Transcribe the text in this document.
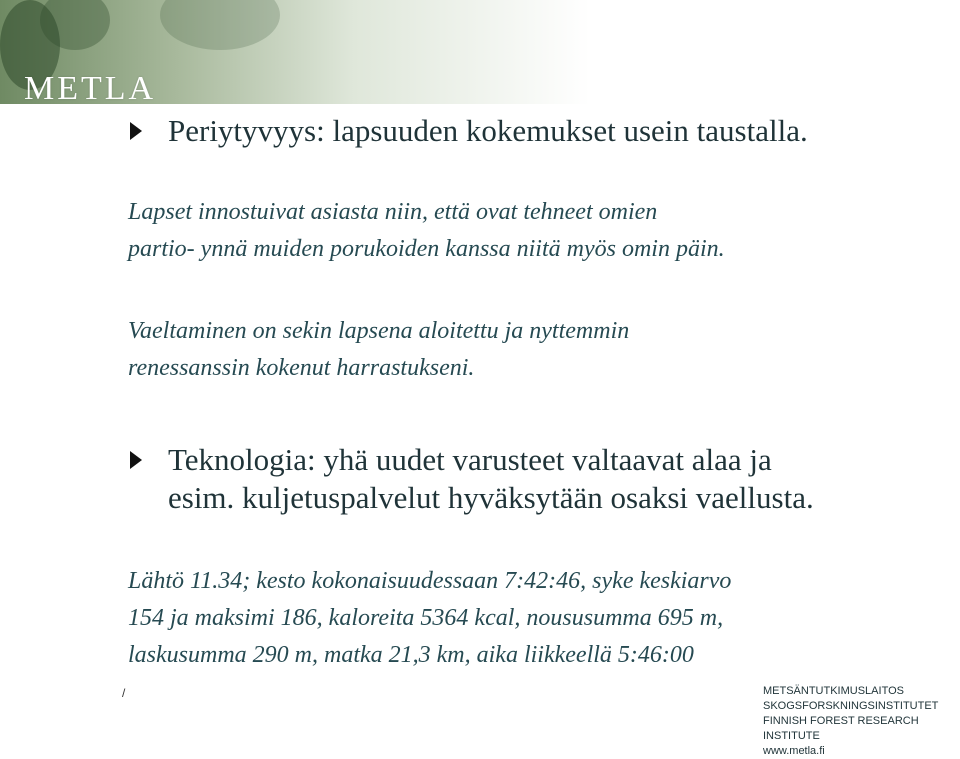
METLA
Periytyvyys: lapsuuden kokemukset usein taustalla.
Lapset innostuivat asiasta niin, että ovat tehneet omien
partio- ynnä muiden porukoiden kanssa niitä myös omin päin.
Vaeltaminen on sekin lapsena aloitettu ja nyttemmin
renessanssin kokenut harrastukseni.
Teknologia: yhä uudet varusteet valtaavat alaa ja
esim. kuljetuspalvelut hyväksytään osaksi vaellusta.
Lähtö 11.34; kesto kokonaisuudessaan 7:42:46, syke keskiarvo
154 ja maksimi 186, kaloreita 5364 kcal, noususumma 695 m,
laskusumma 290 m, matka 21,3 km, aika liikkeellä 5:46:00
/	METSÄNTUTKIMUSLAITOS
SKOGSFORSKNINGSINSTITUTET
FINNISH FOREST RESEARCH INSTITUTE
www.metla.fi
